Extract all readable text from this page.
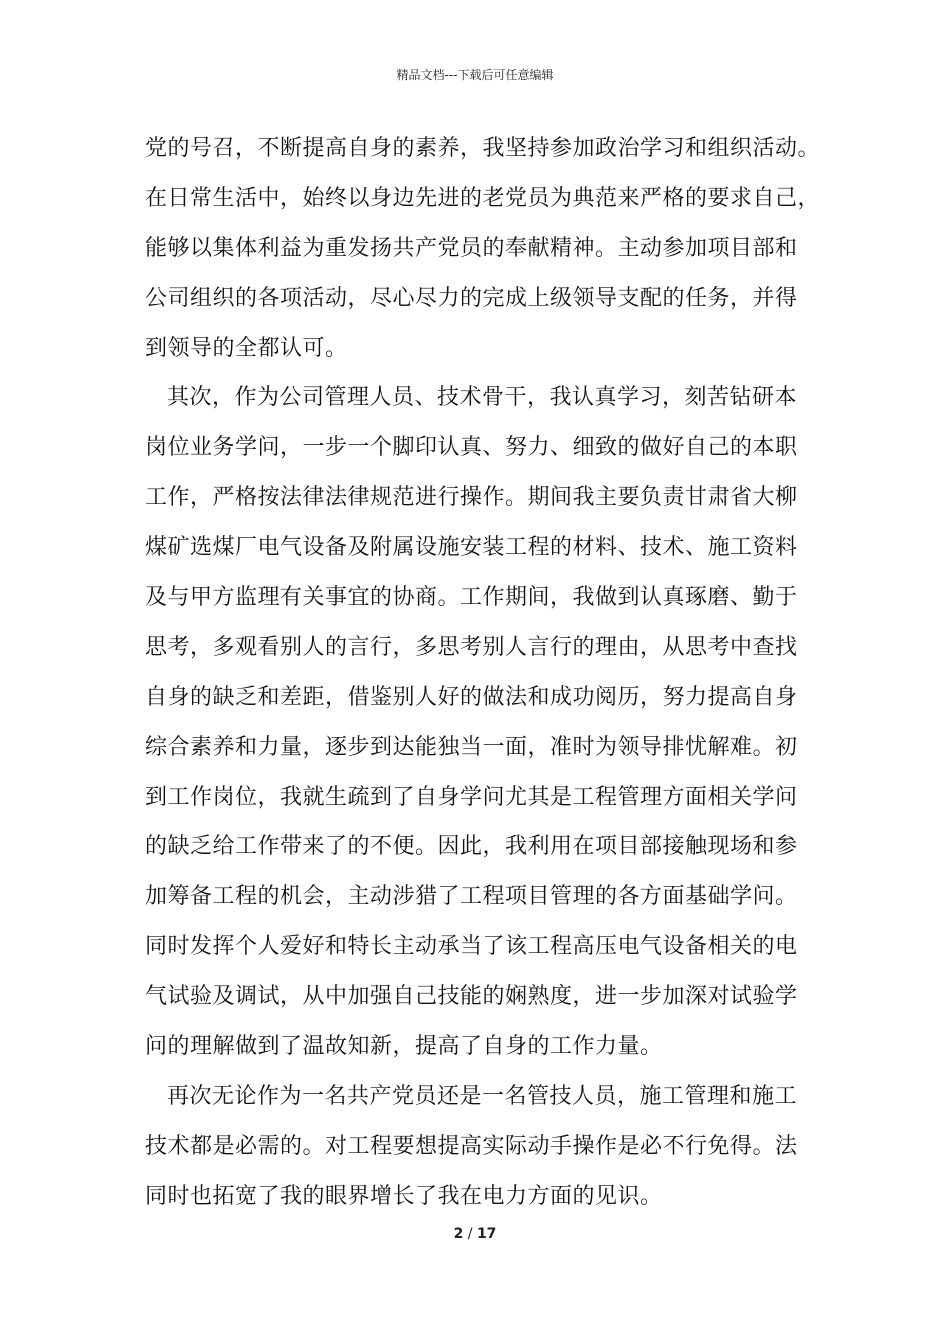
精品文档---下载后可任意编辑
党的号召，不断提高自身的素养，我坚持参加政治学习和组织活动。
在日常生活中，始终以身边先进的老党员为典范来严格的要求自己，
能够以集体利益为重发扬共产党员的奉献精神。主动参加项目部和
公司组织的各项活动，尽心尽力的完成上级领导支配的任务，并得
到领导的全都认可。
其次，作为公司管理人员、技术骨干，我认真学习，刻苦钻研本
岗位业务学问，一步一个脚印认真、努力、细致的做好自己的本职
工作，严格按法律法律规范进行操作。期间我主要负责甘肃省大柳
煤矿选煤厂电气设备及附属设施安装工程的材料、技术、施工资料
及与甲方监理有关事宜的协商。工作期间，我做到认真琢磨、勤于
思考，多观看别人的言行，多思考别人言行的理由，从思考中查找
自身的缺乏和差距，借鉴别人好的做法和成功阅历，努力提高自身
综合素养和力量，逐步到达能独当一面，准时为领导排忧解难。初
到工作岗位，我就生疏到了自身学问尤其是工程管理方面相关学问
的缺乏给工作带来了的不便。因此，我利用在项目部接触现场和参
加筹备工程的机会，主动涉猎了工程项目管理的各方面基础学问。
同时发挥个人爱好和特长主动承当了该工程高压电气设备相关的电
气试验及调试，从中加强自己技能的娴熟度，进一步加深对试验学
问的理解做到了温故知新，提高了自身的工作力量。
再次无论作为一名共产党员还是一名管技人员，施工管理和施工
技术都是必需的。对工程要想提高实际动手操作是必不行免得。法
同时也拓宽了我的眼界增长了我在电力方面的见识。
2 / 17
